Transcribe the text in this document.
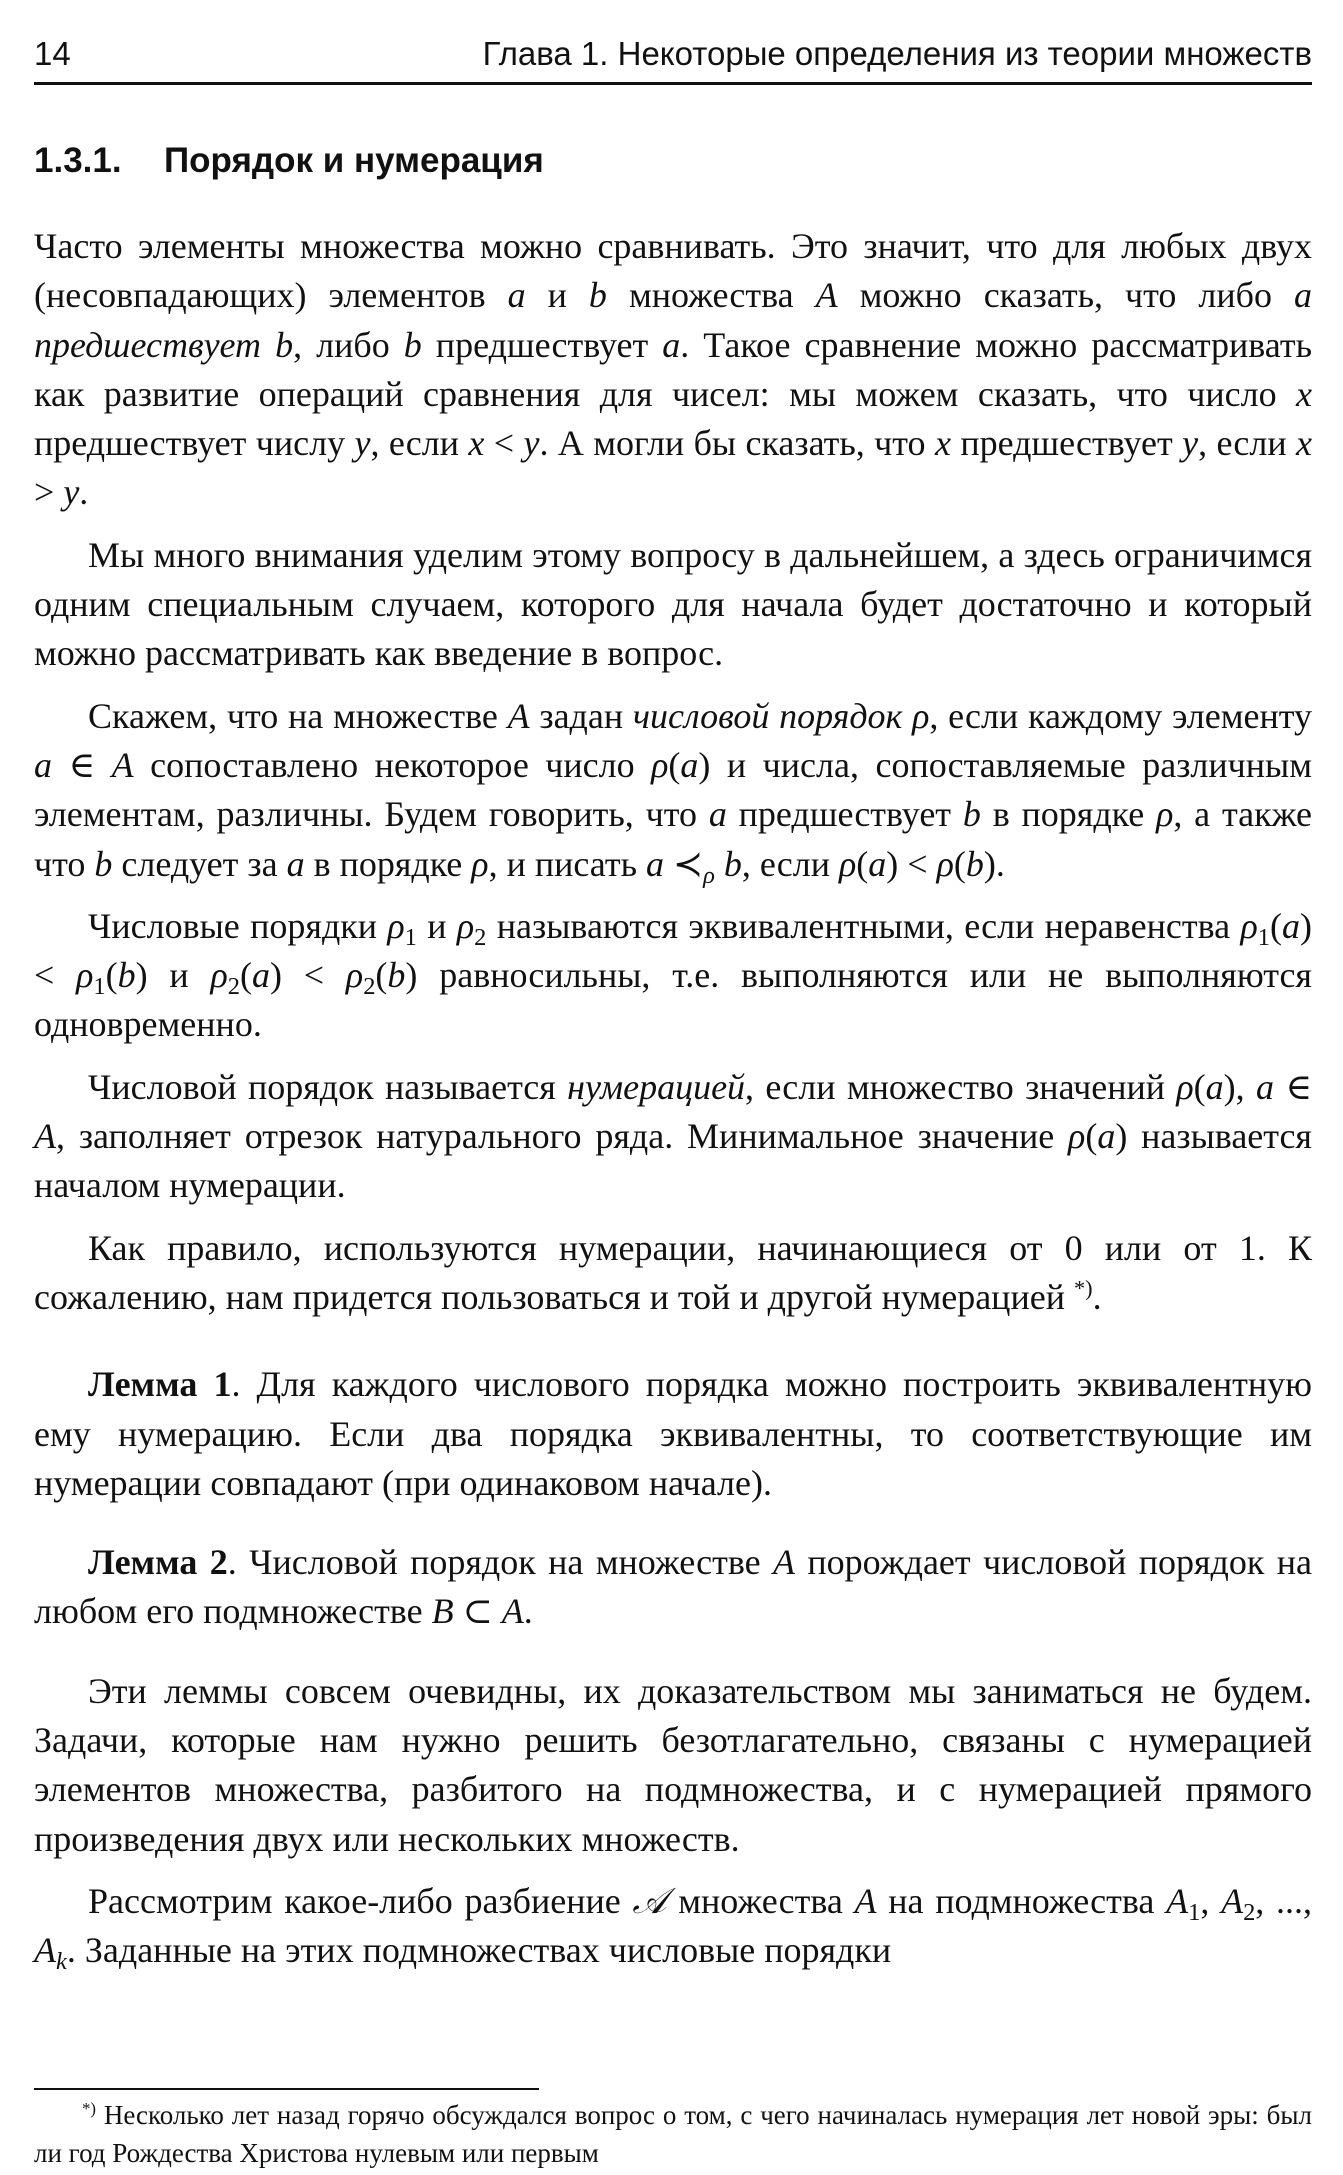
14	Глава 1. Некоторые определения из теории множеств
1.3.1. Порядок и нумерация

Часто элементы множества можно сравнивать. Это значит, что для любых двух (несовпадающих) элементов a и b множества A можно сказать, что либо a предшествует b, либо b предшествует a. Такое сравнение можно рассматривать как развитие операций сравнения для чисел: мы можем сказать, что число x предшествует числу y, если x < y. А могли бы сказать, что x предшествует y, если x > y.

Мы много внимания уделим этому вопросу в дальнейшем, а здесь ограничимся одним специальным случаем, которого для начала будет достаточно и который можно рассматривать как введение в вопрос.

Скажем, что на множестве A задан числовой порядок ρ, если каждому элементу a ∈ A сопоставлено некоторое число ρ(a) и числа, сопоставляемые различным элементам, различны. Будем говорить, что a предшествует b в порядке ρ, а также что b следует за a в порядке ρ, и писать a $≺_\rho$ b, если ρ(a) < ρ(b).

Числовые порядки $\rho_1$ и $\rho_2$ называются эквивалентными, если неравенства $\rho_1(a) < \rho_1(b)$ и $\rho_2(a) < \rho_2(b)$ равносильны, т.е. выполняются или не выполняются одновременно.

Числовой порядок называется нумерацией, если множество значений ρ(a), a ∈ A, заполняет отрезок натурального ряда. Минимальное значение ρ(a) называется началом нумерации.

Как правило, используются нумерации, начинающиеся от 0 или от 1. К сожалению, нам придется пользоваться и той и другой нумерацией *).

Лемма 1. Для каждого числового порядка можно построить эквивалентную ему нумерацию. Если два порядка эквивалентны, то соответствующие им нумерации совпадают (при одинаковом начале).

Лемма 2. Числовой порядок на множестве A порождает числовой порядок на любом его подмножестве B ⊂ A.

Эти леммы совсем очевидны, их доказательством мы заниматься не будем. Задачи, которые нам нужно решить безотлагательно, связаны с нумерацией элементов множества, разбитого на подмножества, и с нумерацией прямого произведения двух или нескольких множеств.

Рассмотрим какое-либо разбиение 𝒜 множества A на подмножества $A_1$, $A_2$, ..., $A_k$. Заданные на этих подмножествах числовые порядки

*) Несколько лет назад горячо обсуждался вопрос о том, с чего начиналась нумерация лет новой эры: был ли год Рождества Христова нулевым или первым
